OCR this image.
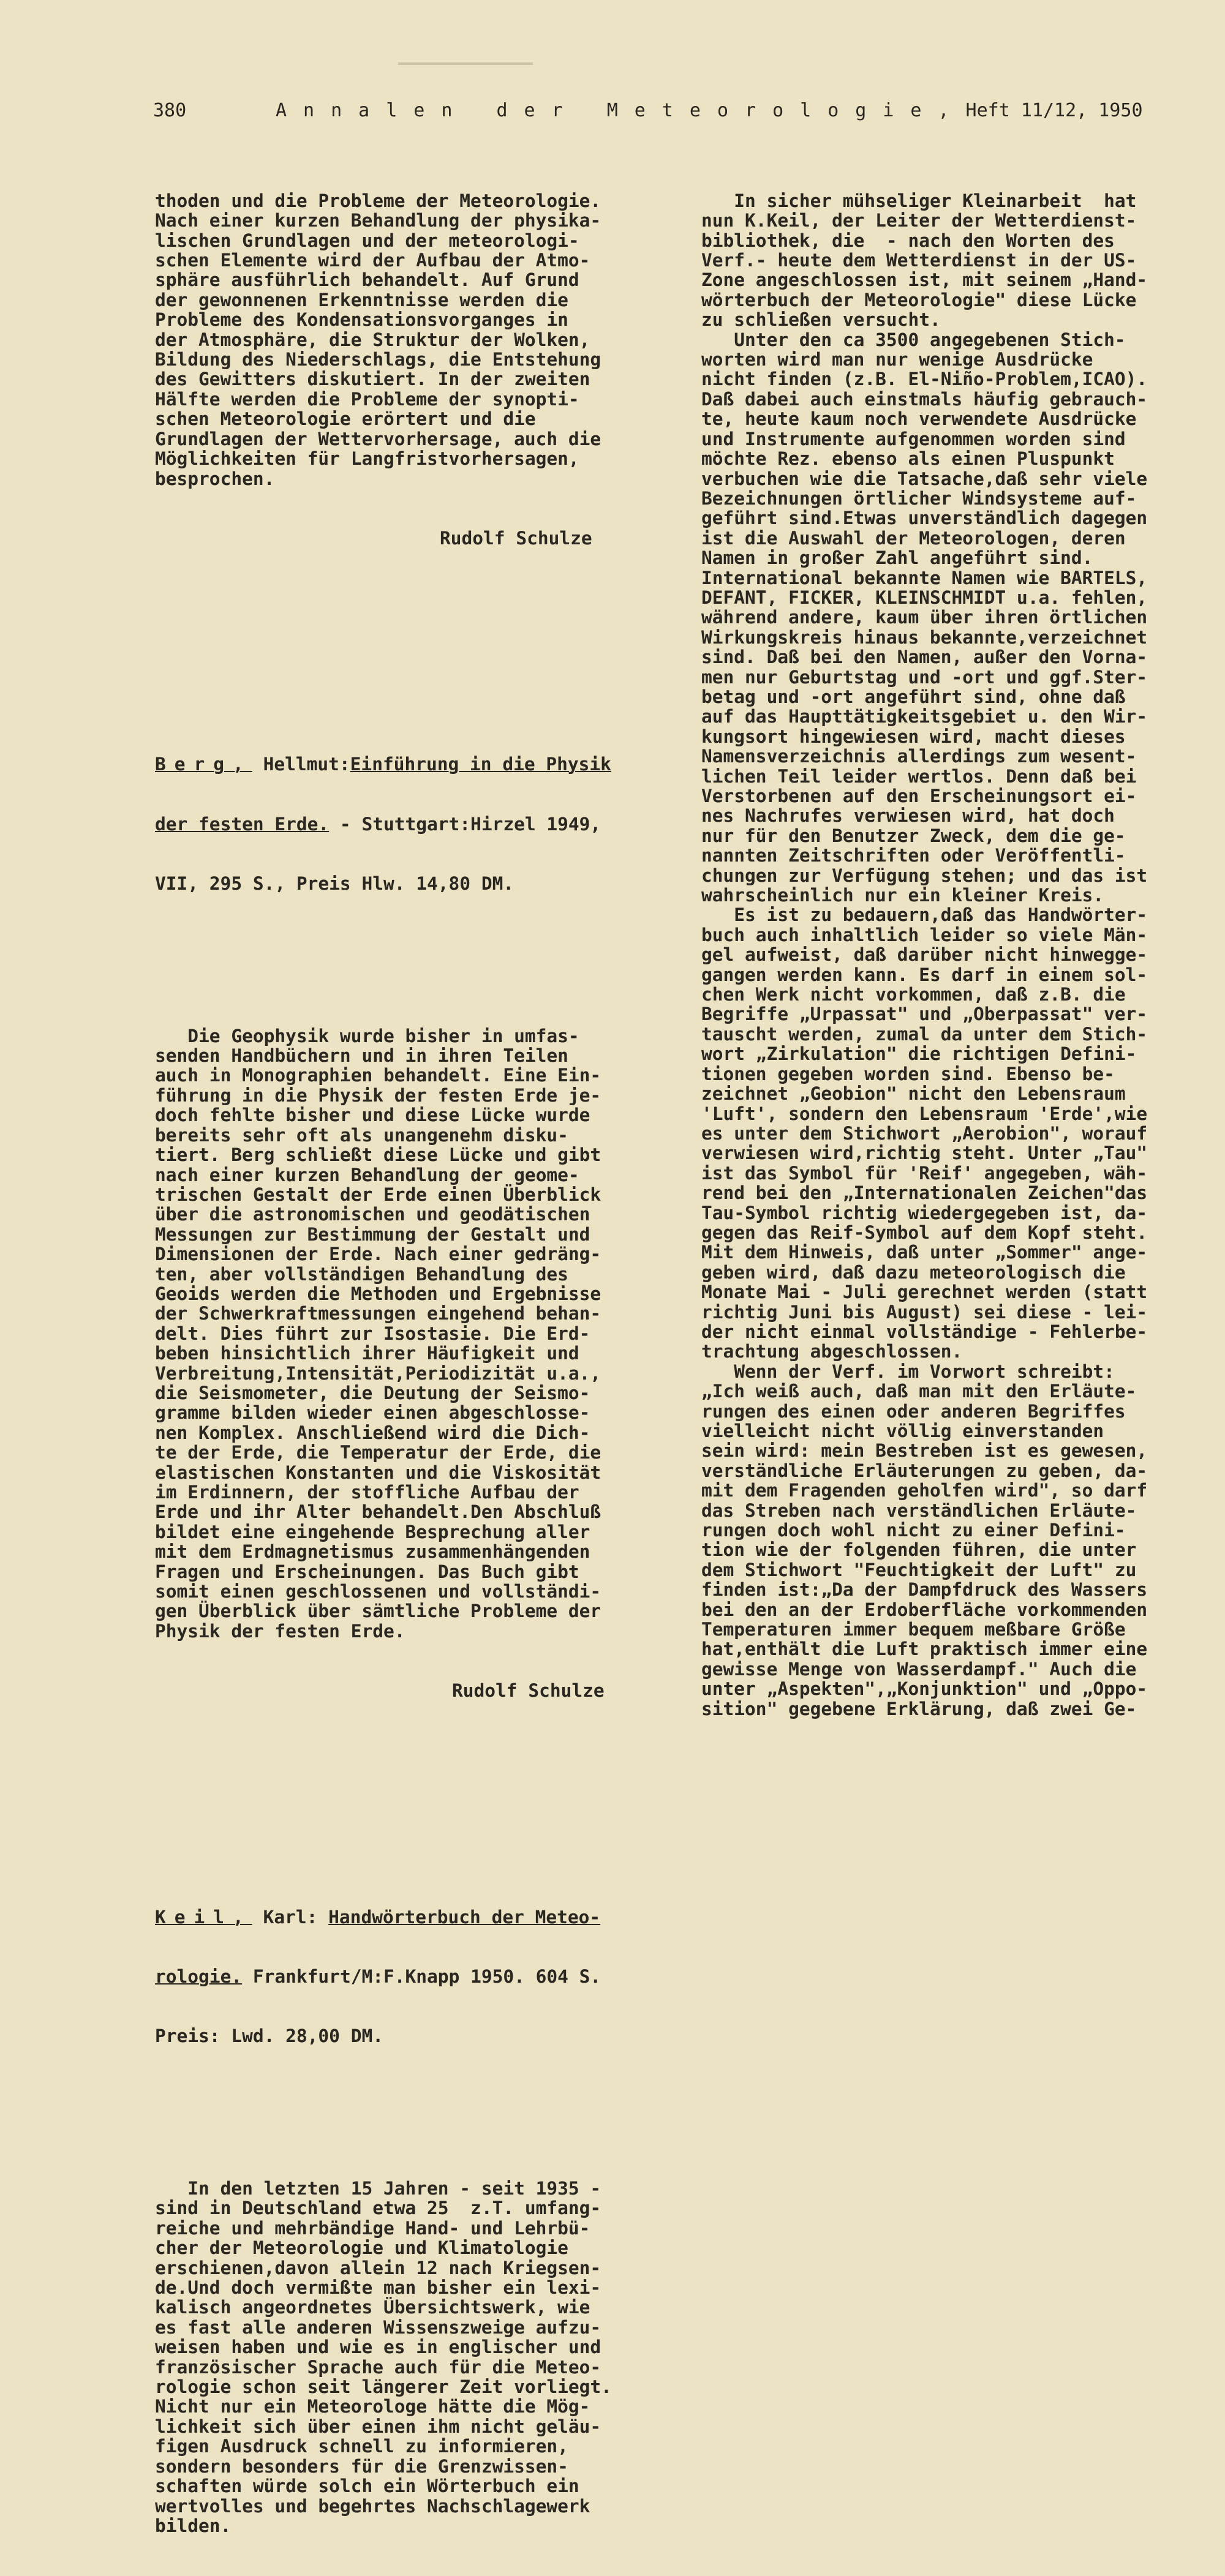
380	Annalen der Meteorologie,Heft 11/12, 1950

thoden und die Probleme der Meteorologie.
Nach einer kurzen Behandlung der physika-
lischen Grundlagen und der meteorologi-
schen Elemente wird der Aufbau der Atmo-
sphäre ausführlich behandelt. Auf Grund
der gewonnenen Erkenntnisse werden die
Probleme des Kondensationsvorganges in
der Atmosphäre, die Struktur der Wolken,
Bildung des Niederschlags, die Entstehung
des Gewitters diskutiert. In der zweiten
Hälfte werden die Probleme der synopti-
schen Meteorologie erörtert und die
Grundlagen der Wettervorhersage, auch die
Möglichkeiten für Langfristvorhersagen,
besprochen.

Rudolf Schulze

Berg, Hellmut:Einführung in die Physik

der festen Erde. - Stuttgart:Hirzel 1949,

VII, 295 S., Preis Hlw. 14,80 DM.

Die Geophysik wurde bisher in umfas-
senden Handbüchern und in ihren Teilen
auch in Monographien behandelt. Eine Ein-
führung in die Physik der festen Erde je-
doch fehlte bisher und diese Lücke wurde
bereits sehr oft als unangenehm disku-
tiert. Berg schließt diese Lücke und gibt
nach einer kurzen Behandlung der geome-
trischen Gestalt der Erde einen Überblick
über die astronomischen und geodätischen
Messungen zur Bestimmung der Gestalt und
Dimensionen der Erde. Nach einer gedräng-
ten, aber vollständigen Behandlung des
Geoids werden die Methoden und Ergebnisse
der Schwerkraftmessungen eingehend behan-
delt. Dies führt zur Isostasie. Die Erd-
beben hinsichtlich ihrer Häufigkeit und
Verbreitung,Intensität,Periodizität u.a.,
die Seismometer, die Deutung der Seismo-
gramme bilden wieder einen abgeschlosse-
nen Komplex. Anschließend wird die Dich-
te der Erde, die Temperatur der Erde, die
elastischen Konstanten und die Viskosität
im Erdinnern, der stoffliche Aufbau der
Erde und ihr Alter behandelt.Den Abschluß
bildet eine eingehende Besprechung aller
mit dem Erdmagnetismus zusammenhängenden
Fragen und Erscheinungen. Das Buch gibt
somit einen geschlossenen und vollständi-
gen Überblick über sämtliche Probleme der
Physik der festen Erde.

Rudolf Schulze

Keil, Karl: Handwörterbuch der Meteo-

rologie. Frankfurt/M:F.Knapp 1950. 604 S.

Preis: Lwd. 28,00 DM.

In den letzten 15 Jahren - seit 1935 -
sind in Deutschland etwa 25  z.T. umfang-
reiche und mehrbändige Hand- und Lehrbü-
cher der Meteorologie und Klimatologie
erschienen,davon allein 12 nach Kriegsen-
de.Und doch vermißte man bisher ein lexi-
kalisch angeordnetes Übersichtswerk, wie
es fast alle anderen Wissenszweige aufzu-
weisen haben und wie es in englischer und
französischer Sprache auch für die Meteo-
rologie schon seit längerer Zeit vorliegt.
Nicht nur ein Meteorologe hätte die Mög-
lichkeit sich über einen ihm nicht geläu-
figen Ausdruck schnell zu informieren,
sondern besonders für die Grenzwissen-
schaften würde solch ein Wörterbuch ein
wertvolles und begehrtes Nachschlagewerk
bilden.

In sicher mühseliger Kleinarbeit  hat
nun K.Keil, der Leiter der Wetterdienst-
bibliothek, die  - nach den Worten des
Verf.- heute dem Wetterdienst in der US-
Zone angeschlossen ist, mit seinem „Hand-
wörterbuch der Meteorologie" diese Lücke
zu schließen versucht.
Unter den ca 3500 angegebenen Stich-
worten wird man nur wenige Ausdrücke
nicht finden (z.B. El-Niño-Problem,ICAO).
Daß dabei auch einstmals häufig gebrauch-
te, heute kaum noch verwendete Ausdrücke
und Instrumente aufgenommen worden sind
möchte Rez. ebenso als einen Pluspunkt
verbuchen wie die Tatsache,daß sehr viele
Bezeichnungen örtlicher Windsysteme auf-
geführt sind.Etwas unverständlich dagegen
ist die Auswahl der Meteorologen, deren
Namen in großer Zahl angeführt sind.
International bekannte Namen wie BARTELS,
DEFANT, FICKER, KLEINSCHMIDT u.a. fehlen,
während andere, kaum über ihren örtlichen
Wirkungskreis hinaus bekannte,verzeichnet
sind. Daß bei den Namen, außer den Vorna-
men nur Geburtstag und -ort und ggf.Ster-
betag und -ort angeführt sind, ohne daß
auf das Haupttätigkeitsgebiet u. den Wir-
kungsort hingewiesen wird, macht dieses
Namensverzeichnis allerdings zum wesent-
lichen Teil leider wertlos. Denn daß bei
Verstorbenen auf den Erscheinungsort ei-
nes Nachrufes verwiesen wird, hat doch
nur für den Benutzer Zweck, dem die ge-
nannten Zeitschriften oder Veröffentli-
chungen zur Verfügung stehen; und das ist
wahrscheinlich nur ein kleiner Kreis.
Es ist zu bedauern,daß das Handwörter-
buch auch inhaltlich leider so viele Män-
gel aufweist, daß darüber nicht hinwegge-
gangen werden kann. Es darf in einem sol-
chen Werk nicht vorkommen, daß z.B. die
Begriffe „Urpassat" und „Oberpassat" ver-
tauscht werden, zumal da unter dem Stich-
wort „Zirkulation" die richtigen Defini-
tionen gegeben worden sind. Ebenso be-
zeichnet „Geobion" nicht den Lebensraum
'Luft', sondern den Lebensraum 'Erde',wie
es unter dem Stichwort „Aerobion", worauf
verwiesen wird,richtig steht. Unter „Tau"
ist das Symbol für 'Reif' angegeben, wäh-
rend bei den „Internationalen Zeichen"das
Tau-Symbol richtig wiedergegeben ist, da-
gegen das Reif-Symbol auf dem Kopf steht.
Mit dem Hinweis, daß unter „Sommer" ange-
geben wird, daß dazu meteorologisch die
Monate Mai - Juli gerechnet werden (statt
richtig Juni bis August) sei diese - lei-
der nicht einmal vollständige - Fehlerbe-
trachtung abgeschlossen.
Wenn der Verf. im Vorwort schreibt:
„Ich weiß auch, daß man mit den Erläute-
rungen des einen oder anderen Begriffes
vielleicht nicht völlig einverstanden
sein wird: mein Bestreben ist es gewesen,
verständliche Erläuterungen zu geben, da-
mit dem Fragenden geholfen wird", so darf
das Streben nach verständlichen Erläute-
rungen doch wohl nicht zu einer Defini-
tion wie der folgenden führen, die unter
dem Stichwort "Feuchtigkeit der Luft" zu
finden ist:„Da der Dampfdruck des Wassers
bei den an der Erdoberfläche vorkommenden
Temperaturen immer bequem meßbare Größe
hat,enthält die Luft praktisch immer eine
gewisse Menge von Wasserdampf." Auch die
unter „Aspekten",„Konjunktion" und „Oppo-
sition" gegebene Erklärung, daß zwei Ge-
